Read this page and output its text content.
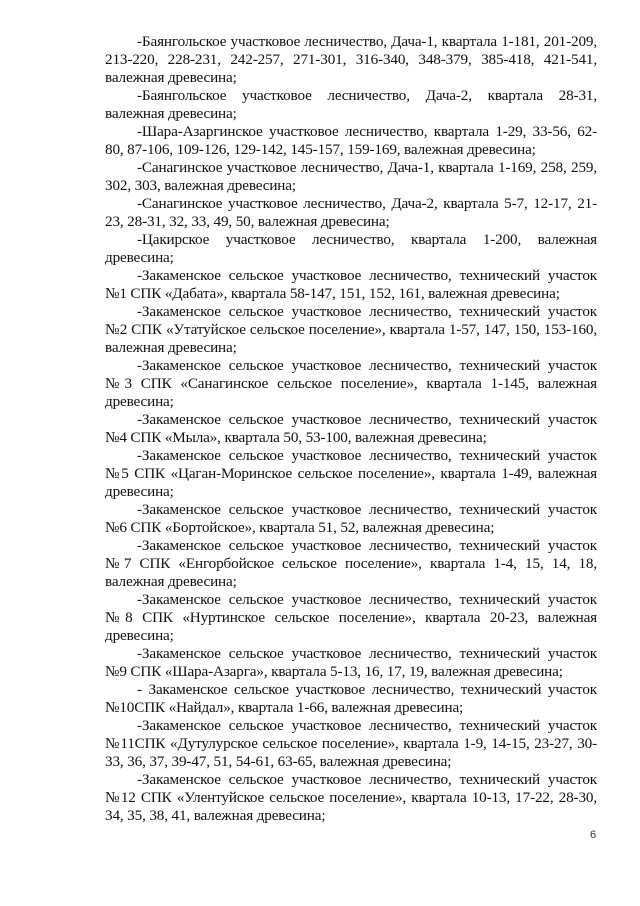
-Баянгольское участковое лесничество, Дача-1, квартала 1-181, 201-209, 213-220, 228-231, 242-257, 271-301, 316-340, 348-379, 385-418, 421-541, валежная древесина;

-Баянгольское участковое лесничество, Дача-2, квартала 28-31, валежная древесина;

-Шара-Азаргинское участковое лесничество, квартала 1-29, 33-56, 62-80, 87-106, 109-126, 129-142, 145-157, 159-169, валежная древесина;

-Санагинское участковое лесничество, Дача-1, квартала 1-169, 258, 259, 302, 303, валежная древесина;

-Санагинское участковое лесничество, Дача-2, квартала 5-7, 12-17, 21-23, 28-31, 32, 33, 49, 50, валежная древесина;

-Цакирское участковое лесничество, квартала 1-200, валежная древесина;

-Закаменское сельское участковое лесничество, технический участок №1 СПК «Дабата», квартала 58-147, 151, 152, 161, валежная древесина;

-Закаменское сельское участковое лесничество, технический участок №2 СПК «Утатуйское сельское поселение», квартала 1-57, 147, 150, 153-160, валежная древесина;

-Закаменское сельское участковое лесничество, технический участок №3 СПК «Санагинское сельское поселение», квартала 1-145, валежная древесина;

-Закаменское сельское участковое лесничество, технический участок №4 СПК «Мыла», квартала 50, 53-100, валежная древесина;

-Закаменское сельское участковое лесничество, технический участок №5 СПК «Цаган-Моринское сельское поселение», квартала 1-49, валежная древесина;

-Закаменское сельское участковое лесничество, технический участок №6 СПК «Бортойское», квартала 51, 52, валежная древесина;

-Закаменское сельское участковое лесничество, технический участок №7 СПК «Енгорбойское сельское поселение», квартала 1-4, 15, 14, 18, валежная древесина;

-Закаменское сельское участковое лесничество, технический участок №8 СПК «Нуртинское сельское поселение», квартала 20-23, валежная древесина;

-Закаменское сельское участковое лесничество, технический участок №9 СПК «Шара-Азарга», квартала 5-13, 16, 17, 19, валежная древесина;

- Закаменское сельское участковое лесничество, технический участок №10СПК «Найдал», квартала 1-66, валежная древесина;

-Закаменское сельское участковое лесничество, технический участок №11СПК «Дутулурское сельское поселение», квартала 1-9, 14-15, 23-27, 30-33, 36, 37, 39-47, 51, 54-61, 63-65, валежная древесина;

-Закаменское сельское участковое лесничество, технический участок №12 СПК «Улентуйское сельское поселение», квартала 10-13, 17-22, 28-30, 34, 35, 38, 41, валежная древесина;

6
